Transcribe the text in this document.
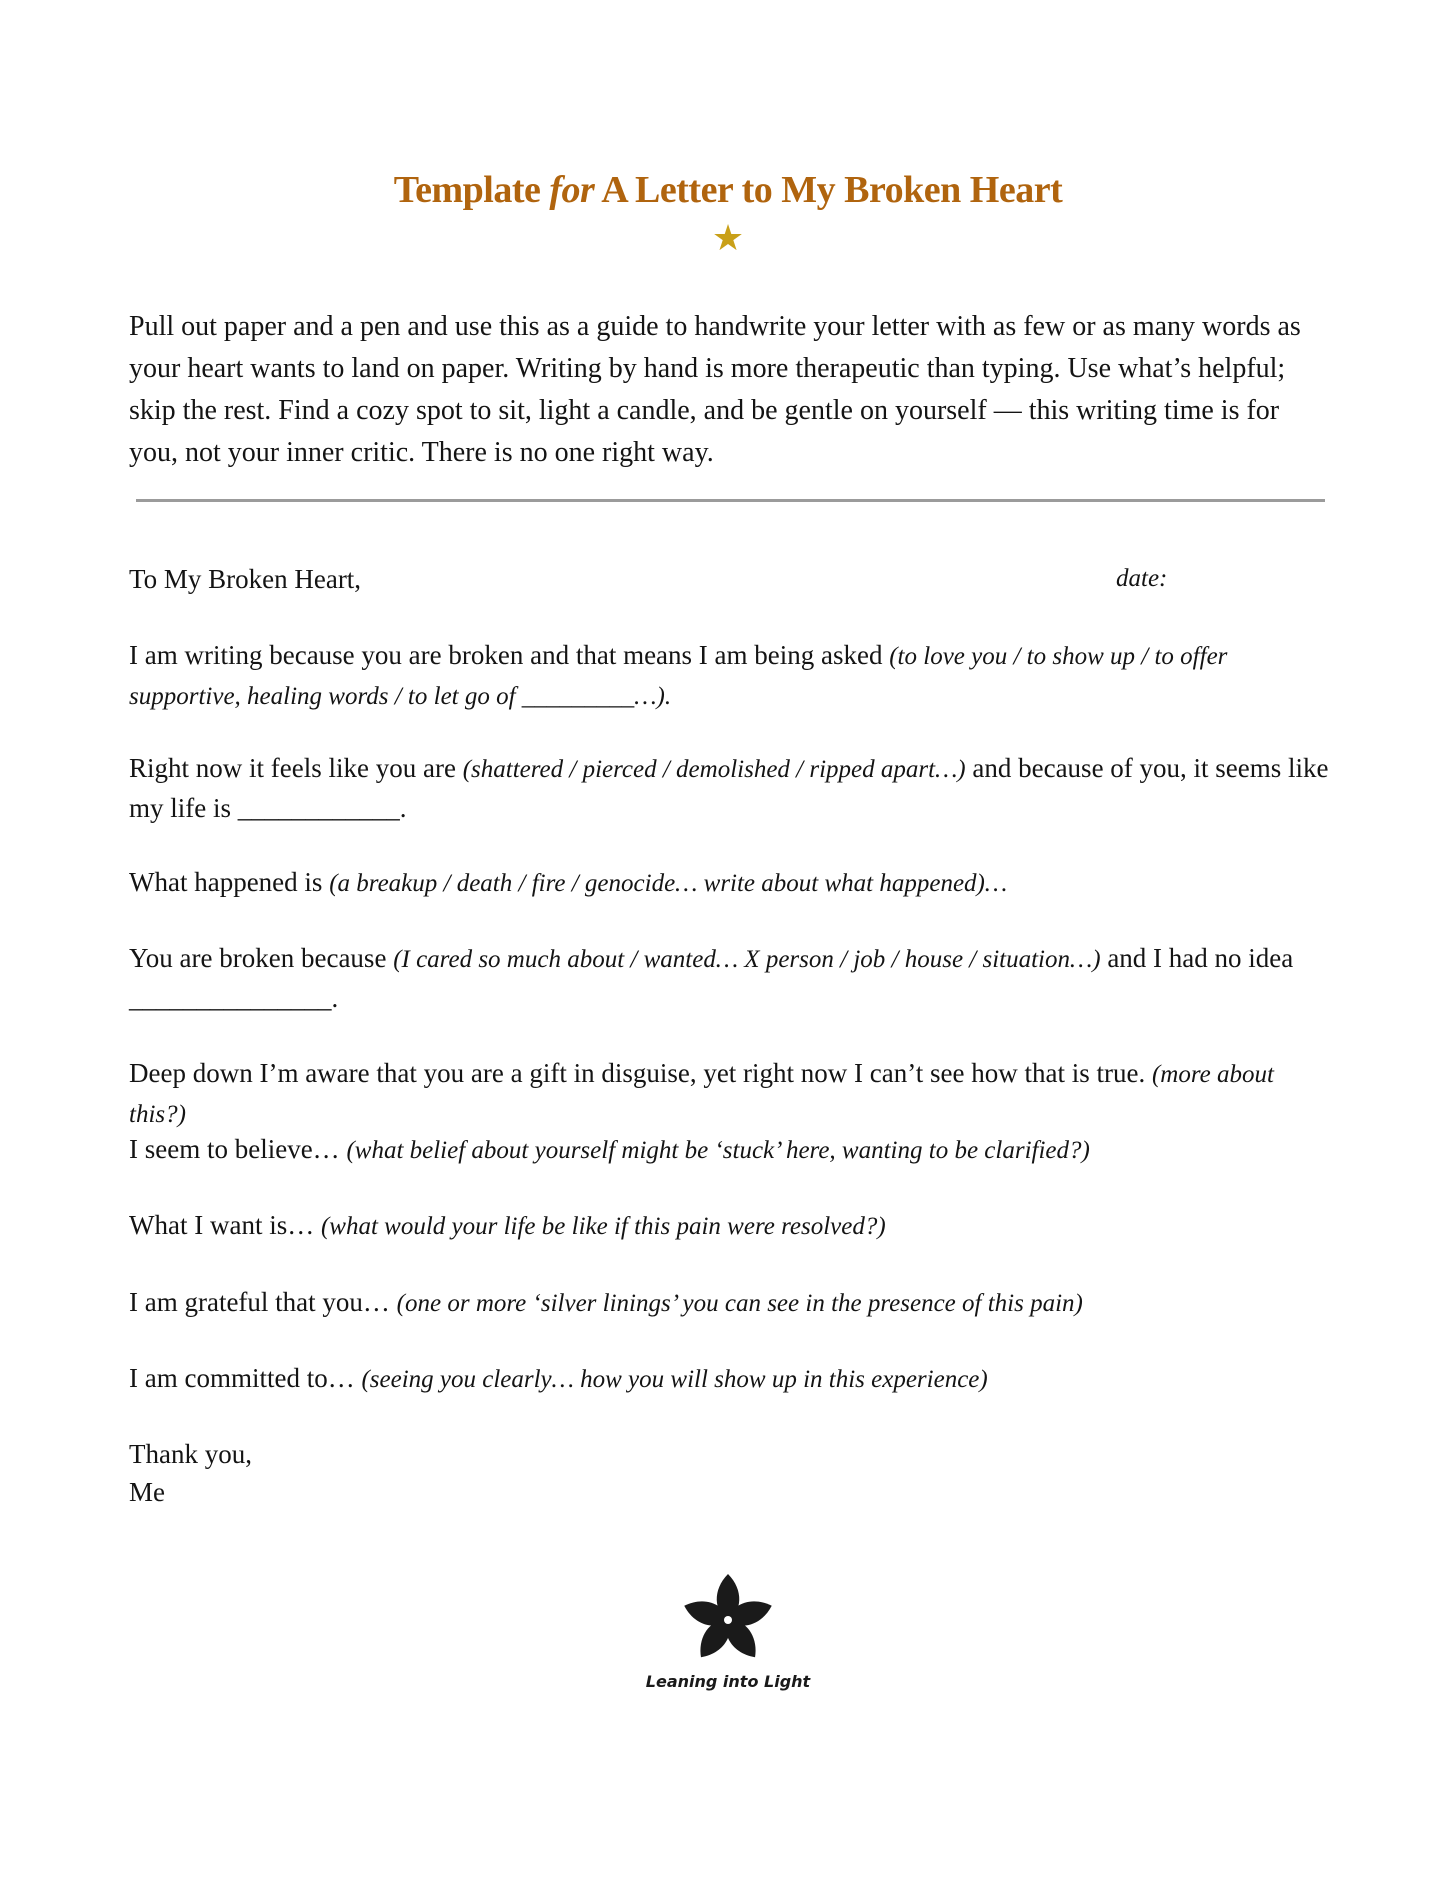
Template for A Letter to My Broken Heart
★

Pull out paper and a pen and use this as a guide to handwrite your letter with as few or as many words as your heart wants to land on paper. Writing by hand is more therapeutic than typing. Use what’s helpful; skip the rest. Find a cozy spot to sit, light a candle, and be gentle on yourself — this writing time is for you, not your inner critic. There is no one right way.

To My Broken Heart,	date:

I am writing because you are broken and that means I am being asked (to love you / to show up / to offer supportive, healing words / to let go of _________…).

Right now it feels like you are (shattered / pierced / demolished / ripped apart…) and because of you, it seems like my life is ____________.

What happened is (a breakup / death / fire / genocide… write about what happened)…

You are broken because (I cared so much about / wanted… X person / job / house / situation…) and I had no idea _______________.

Deep down I’m aware that you are a gift in disguise, yet right now I can’t see how that is true. (more about this?)

I seem to believe… (what belief about yourself might be ‘stuck’ here, wanting to be clarified?)

What I want is… (what would your life be like if this pain were resolved?)

I am grateful that you… (one or more ‘silver linings’ you can see in the presence of this pain)

I am committed to… (seeing you clearly… how you will show up in this experience)

Thank you,

Me

Leaning into Light
